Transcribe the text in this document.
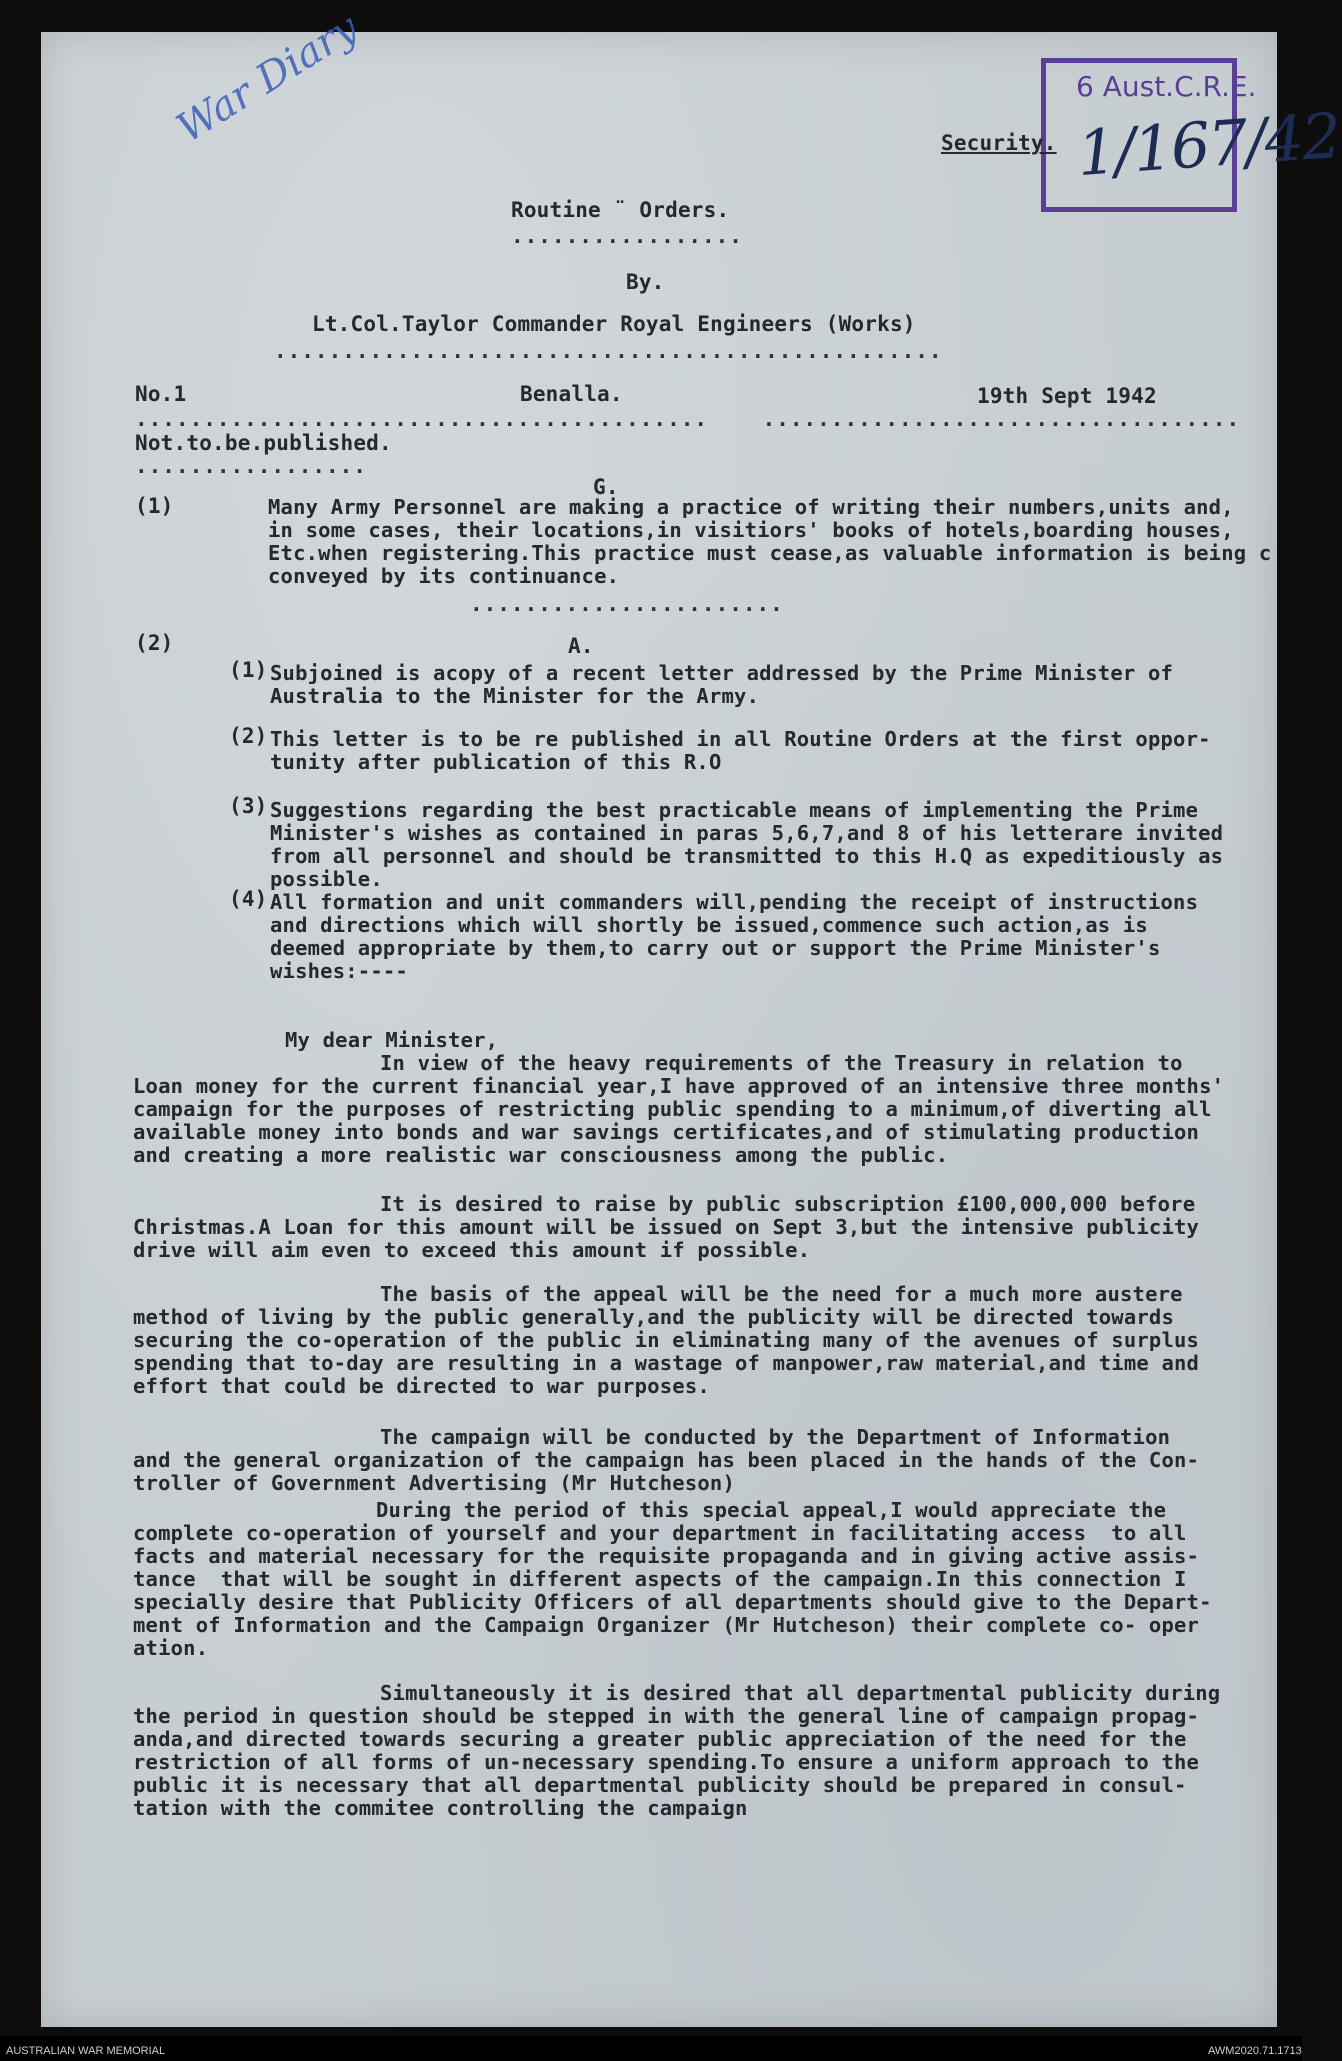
6 Aust.C.R.E.
1/167/42
War Diary	Security.
Routine ¨ Orders.
.................
By.
Lt.Col.Taylor Commander Royal Engineers (Works)
.................................................
No.1	Benalla.	19th Sept 1942
..........................................    ...................................
Not.to.be.published.
.................
G.
(1)	Many Army Personnel are making a practice of writing their numbers,units and,
in some cases, their locations,in visitiors' books of hotels,boarding houses,
Etc.when registering.This practice must cease,as valuable information is being c
conveyed by its continuance.
.......................
(2)	A.
(1) Subjoined is acopy of a recent letter addressed by the Prime Minister of
Australia to the Minister for the Army.
(2) This letter is to be re published in all Routine Orders at the first oppor-
tunity after publication of this R.O
(3) Suggestions regarding the best practicable means of implementing the Prime
Minister's wishes as contained in paras 5,6,7,and 8 of his letterare invited
from all personnel and should be transmitted to this H.Q as expeditiously as
possible.
(4) All formation and unit commanders will,pending the receipt of instructions
and directions which will shortly be issued,commence such action,as is
deemed appropriate by them,to carry out or support the Prime Minister's
wishes:----
My dear Minister,
In view of the heavy requirements of the Treasury in relation to
Loan money for the current financial year,I have approved of an intensive three months'
campaign for the purposes of restricting public spending to a minimum,of diverting all
available money into bonds and war savings certificates,and of stimulating production
and creating a more realistic war consciousness among the public.
It is desired to raise by public subscription £100,000,000 before
Christmas.A Loan for this amount will be issued on Sept 3,but the intensive publicity
drive will aim even to exceed this amount if possible.
The basis of the appeal will be the need for a much more austere
method of living by the public generally,and the publicity will be directed towards
securing the co-operation of the public in eliminating many of the avenues of surplus
spending that to-day are resulting in a wastage of manpower,raw material,and time and
effort that could be directed to war purposes.
The campaign will be conducted by the Department of Information
and the general organization of the campaign has been placed in the hands of the Con-
troller of Government Advertising (Mr Hutcheson)
During the period of this special appeal,I would appreciate the
complete co-operation of yourself and your department in facilitating access  to all
facts and material necessary for the requisite propaganda and in giving active assis-
tance  that will be sought in different aspects of the campaign.In this connection I
specially desire that Publicity Officers of all departments should give to the Depart-
ment of Information and the Campaign Organizer (Mr Hutcheson) their complete co- oper
ation.
Simultaneously it is desired that all departmental publicity during
the period in question should be stepped in with the general line of campaign propag-
anda,and directed towards securing a greater public appreciation of the need for the
restriction of all forms of un-necessary spending.To ensure a uniform approach to the
public it is necessary that all departmental publicity should be prepared in consul-
tation with the commitee controlling the campaign
AUSTRALIAN WAR MEMORIAL	AWM2020.71.1713
